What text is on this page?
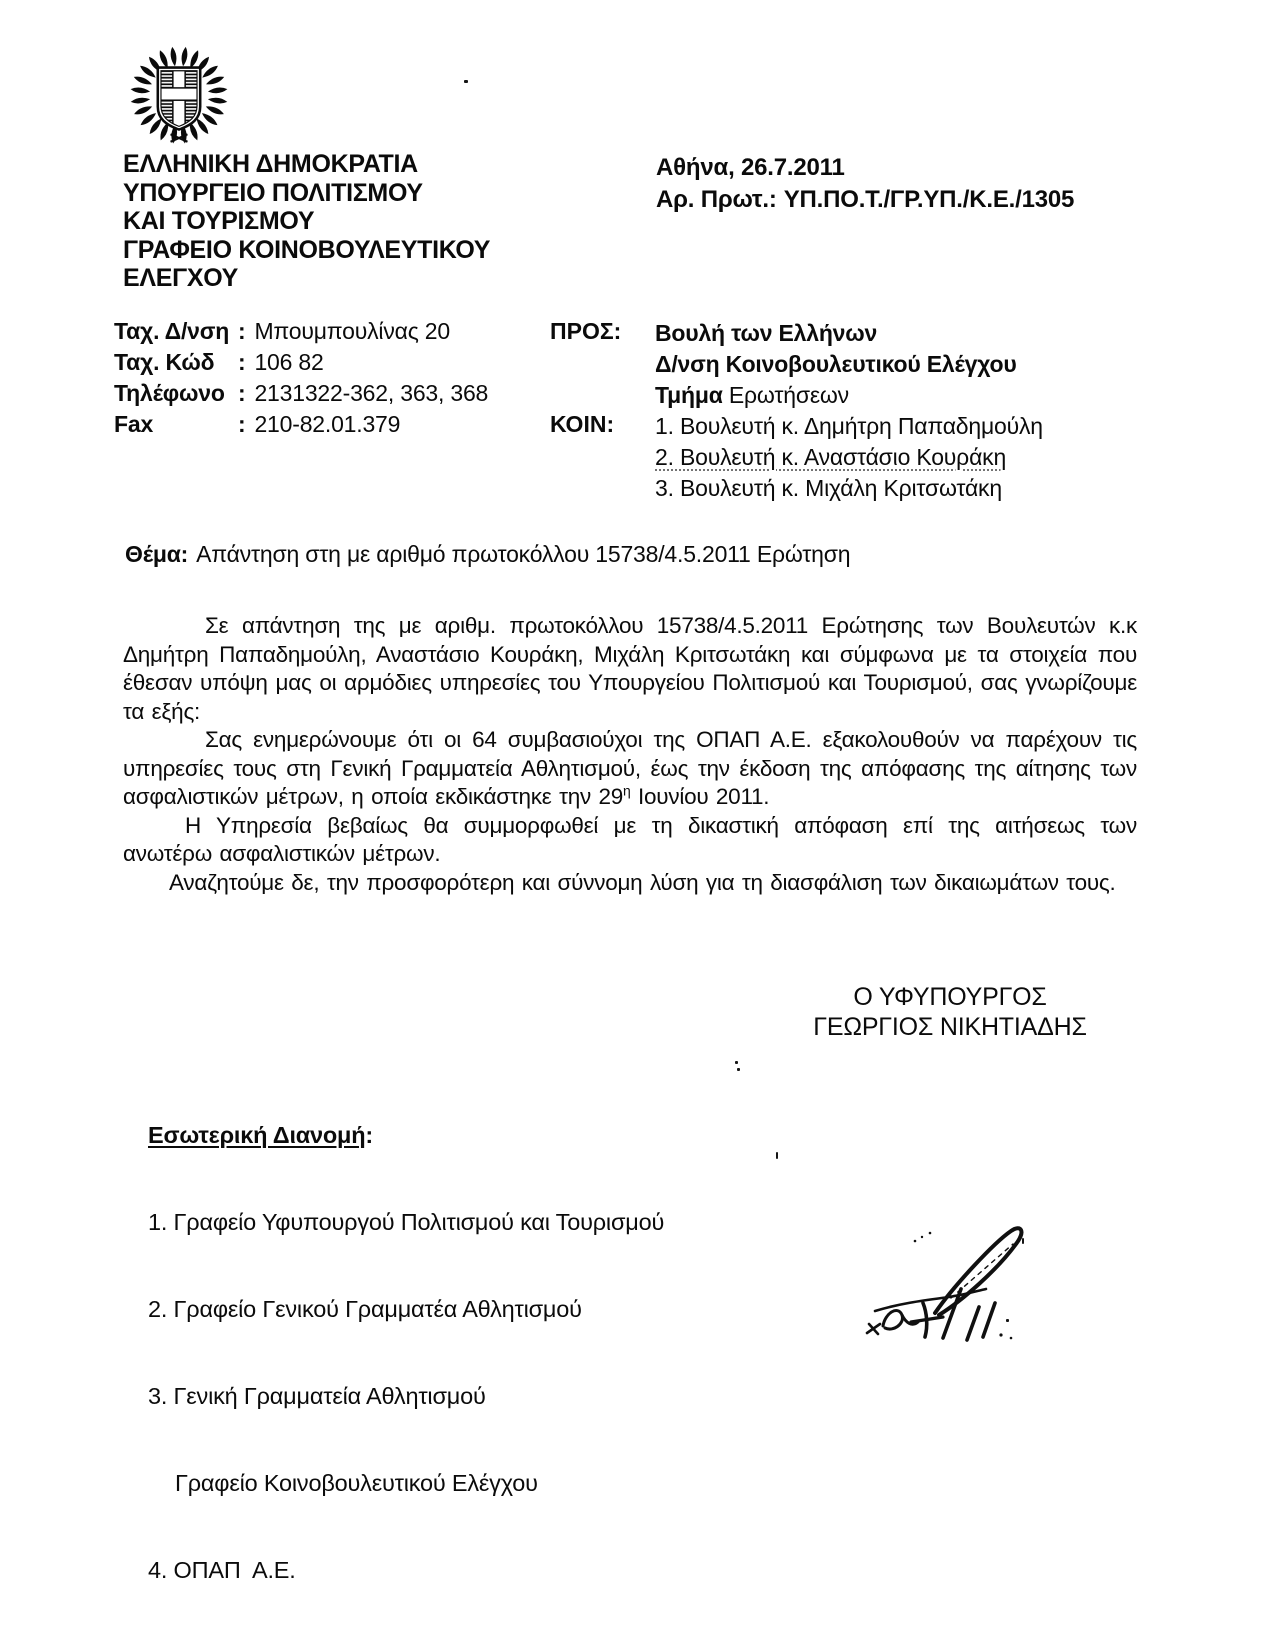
ΕΛΛΗΝΙΚΗ ΔΗΜΟΚΡΑΤΙΑ
ΥΠΟΥΡΓΕΙΟ ΠΟΛΙΤΙΣΜΟΥ
ΚΑΙ ΤΟΥΡΙΣΜΟΥ
ΓΡΑΦΕΙΟ ΚΟΙΝΟΒΟΥΛΕΥΤΙΚΟΥ
ΕΛΕΓΧΟΥ
Αθήνα, 26.7.2011
Αρ. Πρωτ.: ΥΠ.ΠΟ.Τ./ΓΡ.ΥΠ./Κ.Ε./1305
Ταχ. Δ/νση : Μπουμπουλίνας 20
Ταχ. Κώδ : 106 82
Τηλέφωνο : 2131322-362, 363, 368
Fax	: 210-82.01.379
ΠΡΟΣ:
ΚΟΙΝ:
Βουλή των Ελλήνων
Δ/νση Κοινοβουλευτικού Ελέγχου
Τμήμα Ερωτήσεων
1. Βουλευτή κ. Δημήτρη Παπαδημούλη
2. Βουλευτή κ. Αναστάσιο Κουράκη
3. Βουλευτή κ. Μιχάλη Κριτσωτάκη
Θέμα: Απάντηση στη με αριθμό πρωτοκόλλου 15738/4.5.2011 Ερώτηση

Σε απάντηση της με αριθμ. πρωτοκόλλου 15738/4.5.2011 Ερώτησης των Βουλευτών κ.κ Δημήτρη Παπαδημούλη, Αναστάσιο Κουράκη, Μιχάλη Κριτσωτάκη και σύμφωνα με τα στοιχεία που έθεσαν υπόψη μας οι αρμόδιες υπηρεσίες του Υπουργείου Πολιτισμού και Τουρισμού, σας γνωρίζουμε τα εξής:

Σας ενημερώνουμε ότι οι 64 συμβασιούχοι της ΟΠΑΠ Α.Ε. εξακολουθούν να παρέχουν τις υπηρεσίες τους στη Γενική Γραμματεία Αθλητισμού, έως την έκδοση της απόφασης της αίτησης των ασφαλιστικών μέτρων, η οποία εκδικάστηκε την $29^\eta$ Ιουνίου 2011.

Η Υπηρεσία βεβαίως θα συμμορφωθεί με τη δικαστική απόφαση επί της αιτήσεως των ανωτέρω ασφαλιστικών μέτρων.

Αναζητούμε δε, την προσφορότερη και σύννομη λύση για τη διασφάλιση των δικαιωμάτων τους.

Ο ΥΦΥΠΟΥΡΓΟΣ
ΓΕΩΡΓΙΟΣ ΝΙΚΗΤΙΑΔΗΣ

Εσωτερική Διανομή:

1. Γραφείο Υφυπουργού Πολιτισμού και Τουρισμού

2. Γραφείο Γενικού Γραμματέα Αθλητισμού

3. Γενική Γραμματεία Αθλητισμού

Γραφείο Κοινοβουλευτικού Ελέγχου

4. ΟΠΑΠ  Α.Ε.
